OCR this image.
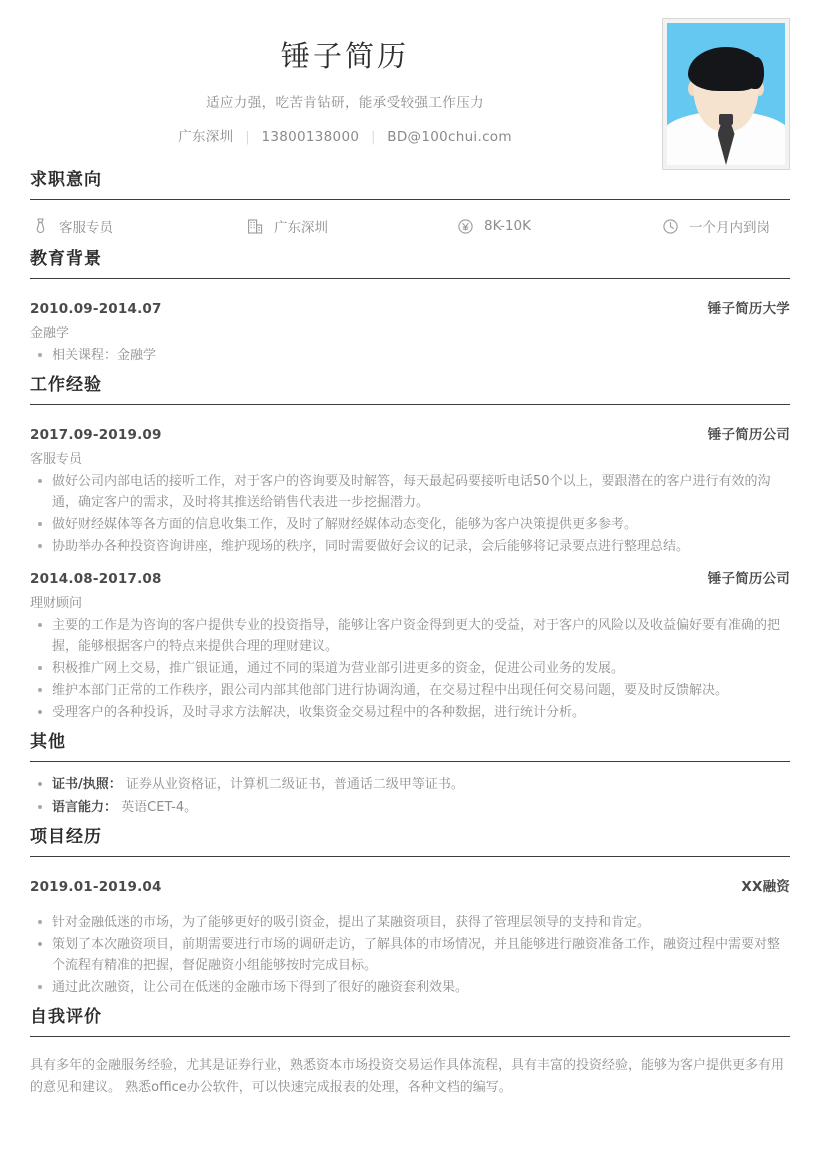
锤子简历
适应力强，吃苦肯钻研，能承受较强工作压力
广东深圳 | 13800138000 | BD@100chui.com
求职意向
客服专员	广东深圳	8K-10K	一个月内到岗
教育背景
2010.09-2014.07	锤子简历大学
金融学
相关课程：金融学
工作经验
2017.09-2019.09	锤子简历公司
客服专员
做好公司内部电话的接听工作，对于客户的咨询要及时解答，每天最起码要接听电话50个以上，要跟潜在的客户进行有效的沟通，确定客户的需求，及时将其推送给销售代表进一步挖掘潜力。
做好财经媒体等各方面的信息收集工作，及时了解财经媒体动态变化，能够为客户决策提供更多参考。
协助举办各种投资咨询讲座，维护现场的秩序，同时需要做好会议的记录，会后能够将记录要点进行整理总结。
2014.08-2017.08	锤子简历公司
理财顾问
主要的工作是为咨询的客户提供专业的投资指导，能够让客户资金得到更大的受益，对于客户的风险以及收益偏好要有准确的把握，能够根据客户的特点来提供合理的理财建议。
积极推广网上交易，推广银证通，通过不同的渠道为营业部引进更多的资金，促进公司业务的发展。
维护本部门正常的工作秩序，跟公司内部其他部门进行协调沟通，在交易过程中出现任何交易问题，要及时反馈解决。
受理客户的各种投诉，及时寻求方法解决，收集资金交易过程中的各种数据，进行统计分析。
其他
证书/执照： 证券从业资格证，计算机二级证书，普通话二级甲等证书。
语言能力： 英语CET-4。
项目经历
2019.01-2019.04	XX融资
针对金融低迷的市场，为了能够更好的吸引资金，提出了某融资项目，获得了管理层领导的支持和肯定。
策划了本次融资项目，前期需要进行市场的调研走访，了解具体的市场情况，并且能够进行融资准备工作，融资过程中需要对整个流程有精准的把握，督促融资小组能够按时完成目标。
通过此次融资，让公司在低迷的金融市场下得到了很好的融资套利效果。
自我评价
具有多年的金融服务经验，尤其是证券行业，熟悉资本市场投资交易运作具体流程，具有丰富的投资经验，能够为客户提供更多有用的意见和建议。 熟悉office办公软件，可以快速完成报表的处理，各种文档的编写。
